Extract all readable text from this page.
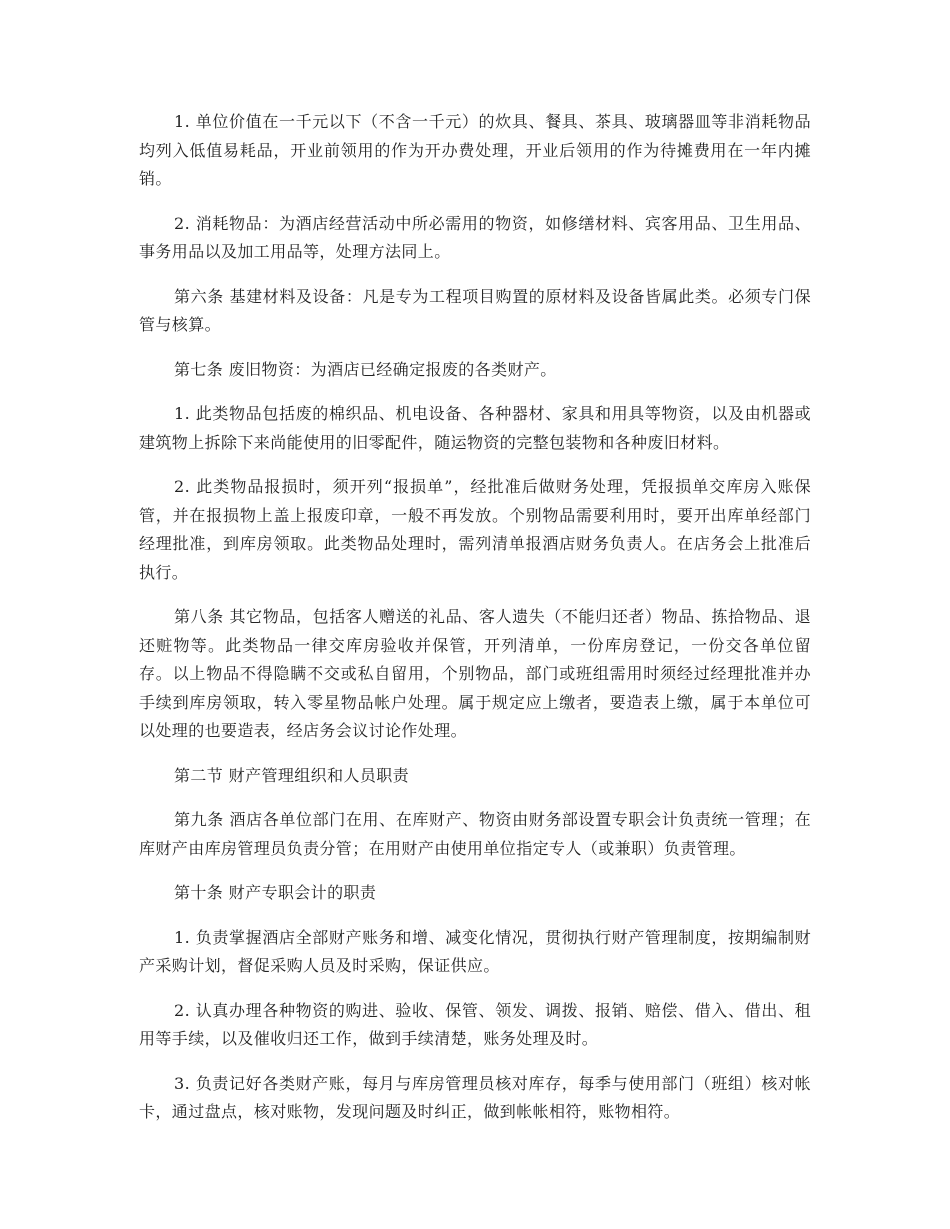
1. 单位价值在一千元以下（不含一千元）的炊具、餐具、茶具、玻璃器皿等非消耗物品均列入低值易耗品，开业前领用的作为开办费处理，开业后领用的作为待摊费用在一年内摊销。

2. 消耗物品：为酒店经营活动中所必需用的物资，如修缮材料、宾客用品、卫生用品、事务用品以及加工用品等，处理方法同上。

第六条 基建材料及设备：凡是专为工程项目购置的原材料及设备皆属此类。必须专门保管与核算。

第七条 废旧物资：为酒店已经确定报废的各类财产。

1. 此类物品包括废的棉织品、机电设备、各种器材、家具和用具等物资，以及由机器或建筑物上拆除下来尚能使用的旧零配件，随运物资的完整包装物和各种废旧材料。

2. 此类物品报损时，须开列“报损单”，经批准后做财务处理，凭报损单交库房入账保管，并在报损物上盖上报废印章，一般不再发放。个别物品需要利用时，要开出库单经部门经理批准，到库房领取。此类物品处理时，需列清单报酒店财务负责人。在店务会上批准后执行。

第八条 其它物品，包括客人赠送的礼品、客人遗失（不能归还者）物品、拣拾物品、退还赃物等。此类物品一律交库房验收并保管，开列清单，一份库房登记，一份交各单位留存。以上物品不得隐瞒不交或私自留用，个别物品，部门或班组需用时须经过经理批准并办手续到库房领取，转入零星物品帐户处理。属于规定应上缴者，要造表上缴，属于本单位可以处理的也要造表，经店务会议讨论作处理。

第二节 财产管理组织和人员职责

第九条 酒店各单位部门在用、在库财产、物资由财务部设置专职会计负责统一管理；在库财产由库房管理员负责分管；在用财产由使用单位指定专人（或兼职）负责管理。

第十条 财产专职会计的职责

1. 负责掌握酒店全部财产账务和增、减变化情况，贯彻执行财产管理制度，按期编制财产采购计划，督促采购人员及时采购，保证供应。

2. 认真办理各种物资的购进、验收、保管、领发、调拨、报销、赔偿、借入、借出、租用等手续，以及催收归还工作，做到手续清楚，账务处理及时。

3. 负责记好各类财产账，每月与库房管理员核对库存，每季与使用部门（班组）核对帐卡，通过盘点，核对账物，发现问题及时纠正，做到帐帐相符，账物相符。
